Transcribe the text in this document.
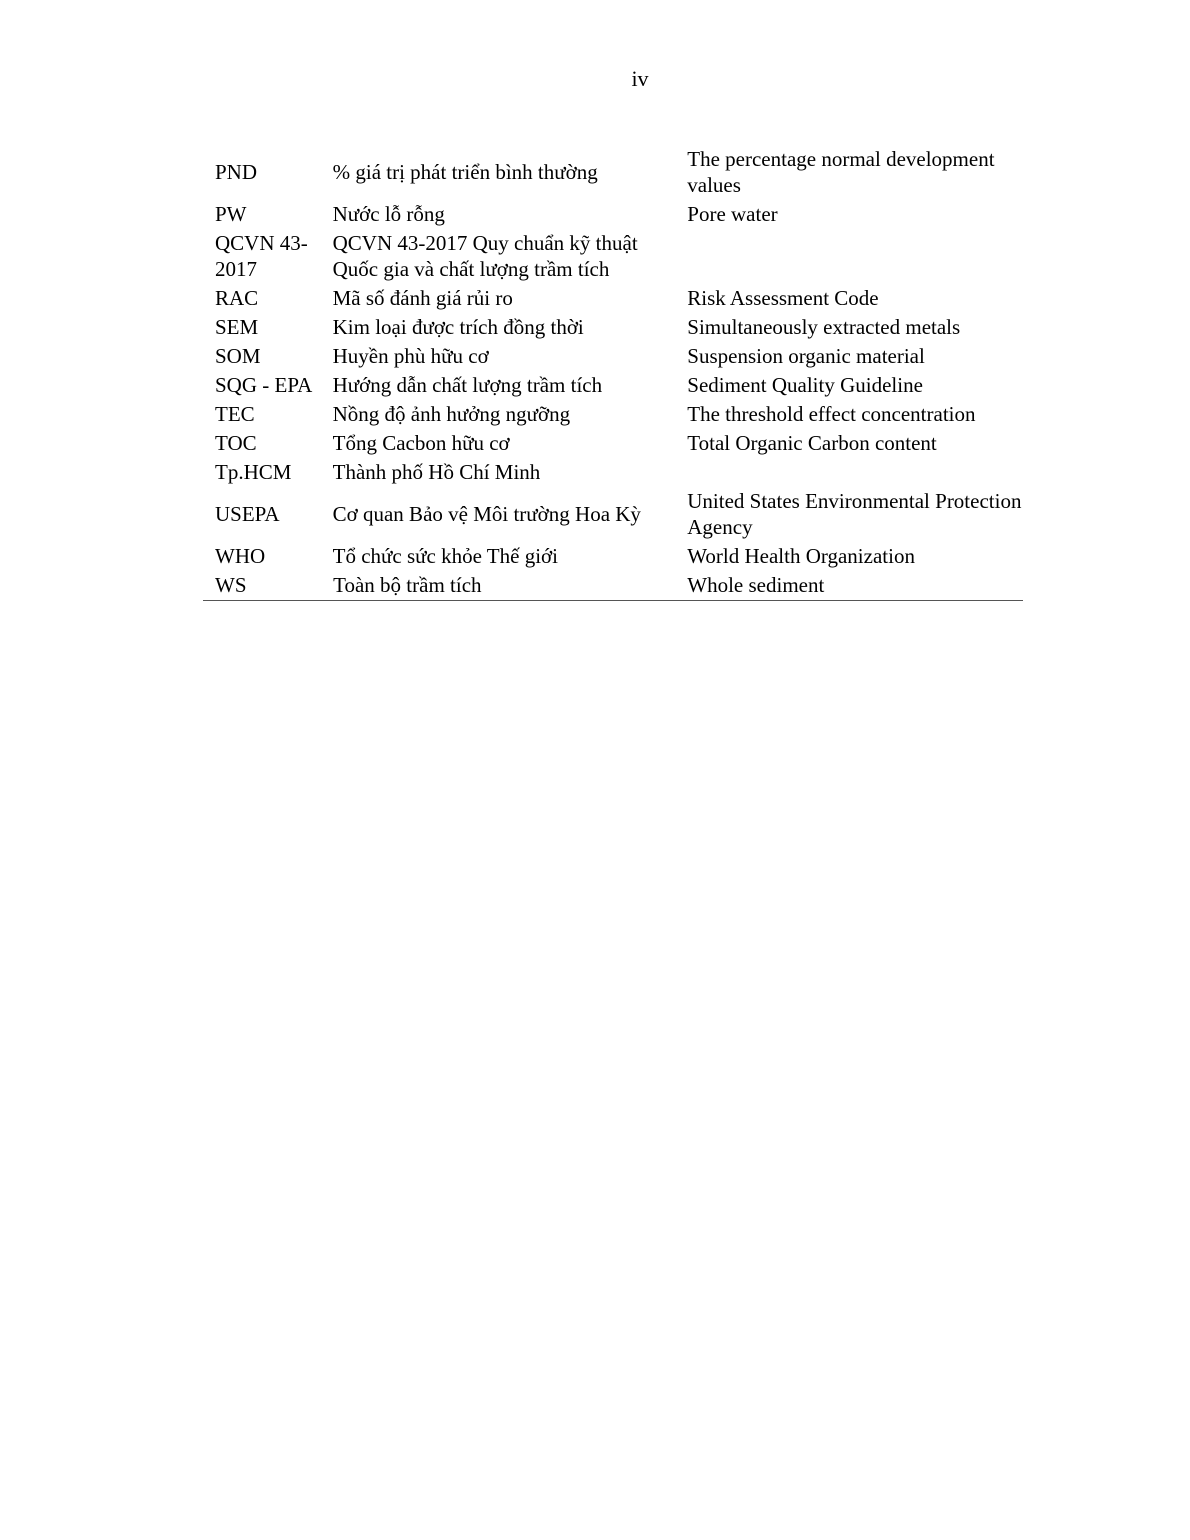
iv
PND	% giá trị phát triển bình thường	The percentage normal development values
PW	Nước lỗ rỗng	Pore water
QCVN 43-2017	QCVN 43-2017 Quy chuẩn kỹ thuật Quốc gia và chất lượng trầm tích	
RAC	Mã số đánh giá rủi ro	Risk Assessment Code
SEM	Kim loại được trích đồng thời	Simultaneously extracted metals
SOM	Huyền phù hữu cơ	Suspension organic material
SQG - EPA	Hướng dẫn chất lượng trầm tích	Sediment Quality Guideline
TEC	Nồng độ ảnh hưởng ngưỡng	The threshold effect concentration
TOC	Tổng Cacbon hữu cơ	Total Organic Carbon content
Tp.HCM	Thành phố Hồ Chí Minh	
USEPA	Cơ quan Bảo vệ Môi trường Hoa Kỳ	United States Environmental Protection Agency
WHO	Tổ chức sức khỏe Thế giới	World Health Organization
WS	Toàn bộ trầm tích	Whole sediment
